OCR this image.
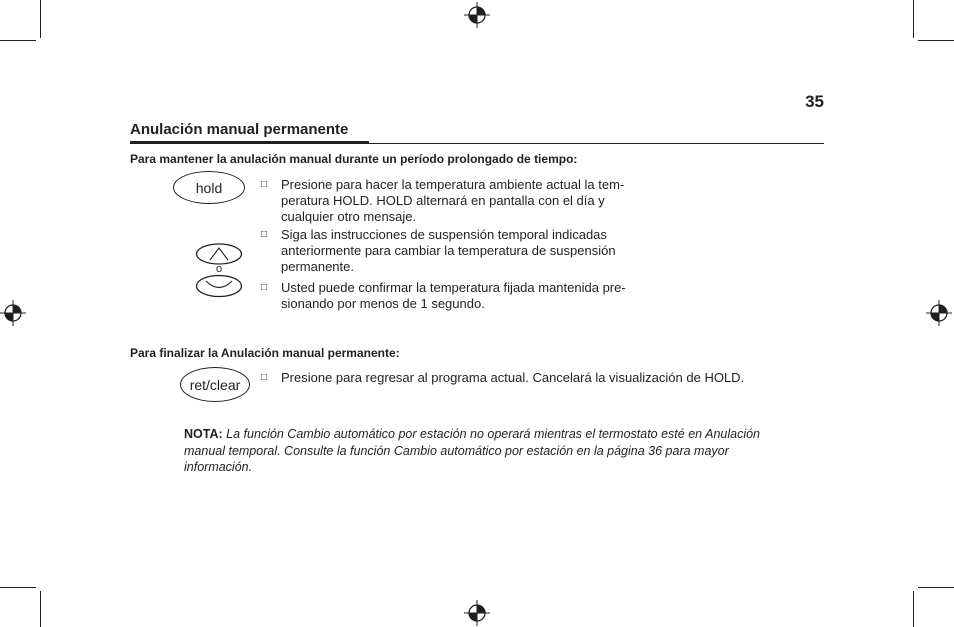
35
Anulación manual permanente
Para mantener la anulación manual durante un período prolongado de tiempo:
hold
o
□ Presione para hacer la temperatura ambiente actual la tem-peratura HOLD. HOLD alternará en pantalla con el día y cualquier otro mensaje.
□ Siga las instrucciones de suspensión temporal indicadas anteriormente para cambiar la temperatura de suspensión permanente.
□ Usted puede confirmar la temperatura fijada mantenida pre-sionando por menos de 1 segundo.
Para finalizar la Anulación manual permanente:
ret/clear □ Presione para regresar al programa actual. Cancelará la visualización de HOLD.
NOTA: La función Cambio automático por estación no operará mientras el termostato esté en Anulación manual temporal. Consulte la función Cambio automático por estación en la página 36 para mayor información.
